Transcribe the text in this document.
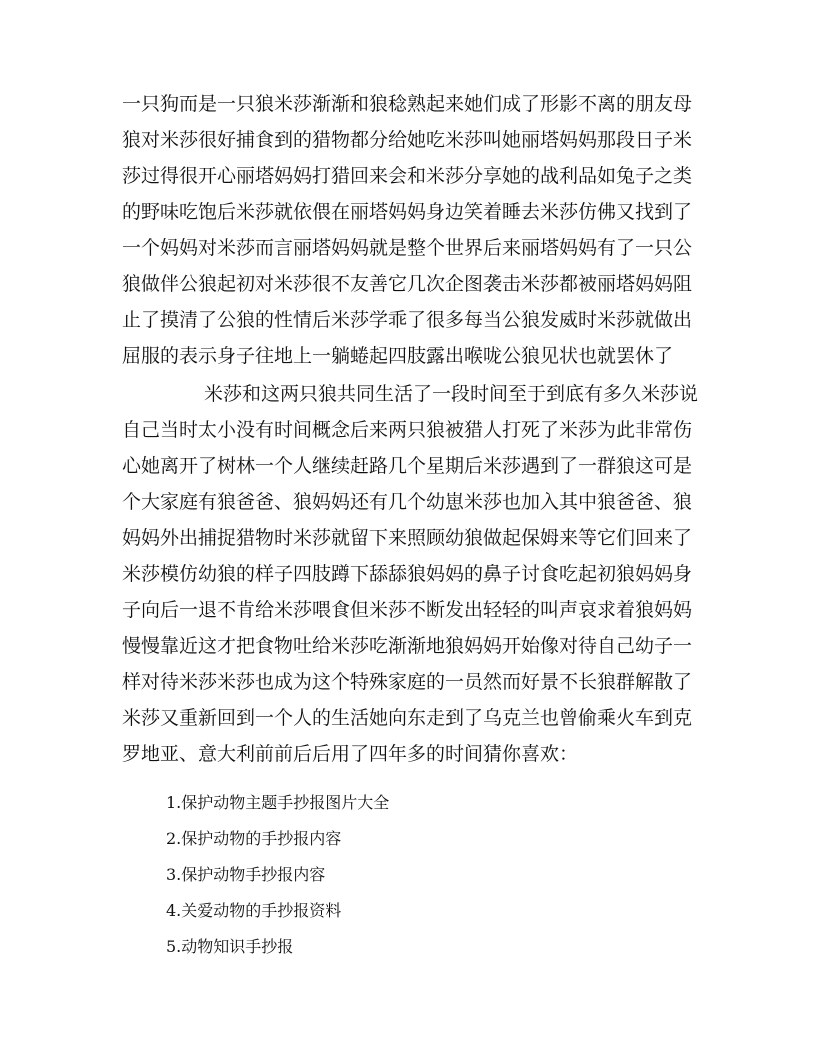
一只狗而是一只狼米莎渐渐和狼稔熟起来她们成了形影不离的朋友母
狼对米莎很好捕食到的猎物都分给她吃米莎叫她丽塔妈妈那段日子米
莎过得很开心丽塔妈妈打猎回来会和米莎分享她的战利品如兔子之类
的野味吃饱后米莎就依偎在丽塔妈妈身边笑着睡去米莎仿佛又找到了
一个妈妈对米莎而言丽塔妈妈就是整个世界后来丽塔妈妈有了一只公
狼做伴公狼起初对米莎很不友善它几次企图袭击米莎都被丽塔妈妈阻
止了摸清了公狼的性情后米莎学乖了很多每当公狼发威时米莎就做出
屈服的表示身子往地上一躺蜷起四肢露出喉咙公狼见状也就罢休了
米莎和这两只狼共同生活了一段时间至于到底有多久米莎说
自己当时太小没有时间概念后来两只狼被猎人打死了米莎为此非常伤
心她离开了树林一个人继续赶路几个星期后米莎遇到了一群狼这可是
个大家庭有狼爸爸、狼妈妈还有几个幼崽米莎也加入其中狼爸爸、狼
妈妈外出捕捉猎物时米莎就留下来照顾幼狼做起保姆来等它们回来了
米莎模仿幼狼的样子四肢蹲下舔舔狼妈妈的鼻子讨食吃起初狼妈妈身
子向后一退不肯给米莎喂食但米莎不断发出轻轻的叫声哀求着狼妈妈
慢慢靠近这才把食物吐给米莎吃渐渐地狼妈妈开始像对待自己幼子一
样对待米莎米莎也成为这个特殊家庭的一员然而好景不长狼群解散了
米莎又重新回到一个人的生活她向东走到了乌克兰也曾偷乘火车到克
罗地亚、意大利前前后后用了四年多的时间猜你喜欢：
1.保护动物主题手抄报图片大全
2.保护动物的手抄报内容
3.保护动物手抄报内容
4.关爱动物的手抄报资料
5.动物知识手抄报
